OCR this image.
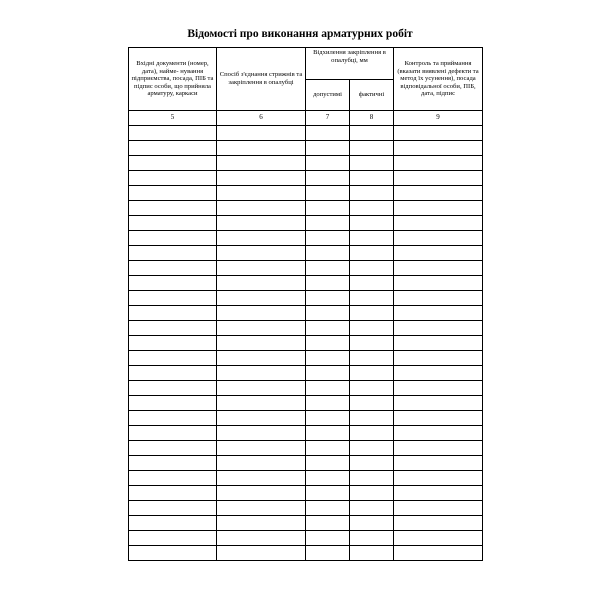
Відомості про виконання арматурних робіт
Вхідні документи (номер, дата), найме- нування підприємства, посада, ПІБ та підпис особи, що прийняла арматуру, каркаси	Спосіб з'єднання стрижнів та закріплення в опалубці	Відхилення закріплення в опалубці, мм		Контроль та приймання (вказати виявлені дефекти та метод їх усунення), посада відповідальної особи, ПІБ, дата, підпис
		допустимі	фактичні	
5	6	7	8	9
